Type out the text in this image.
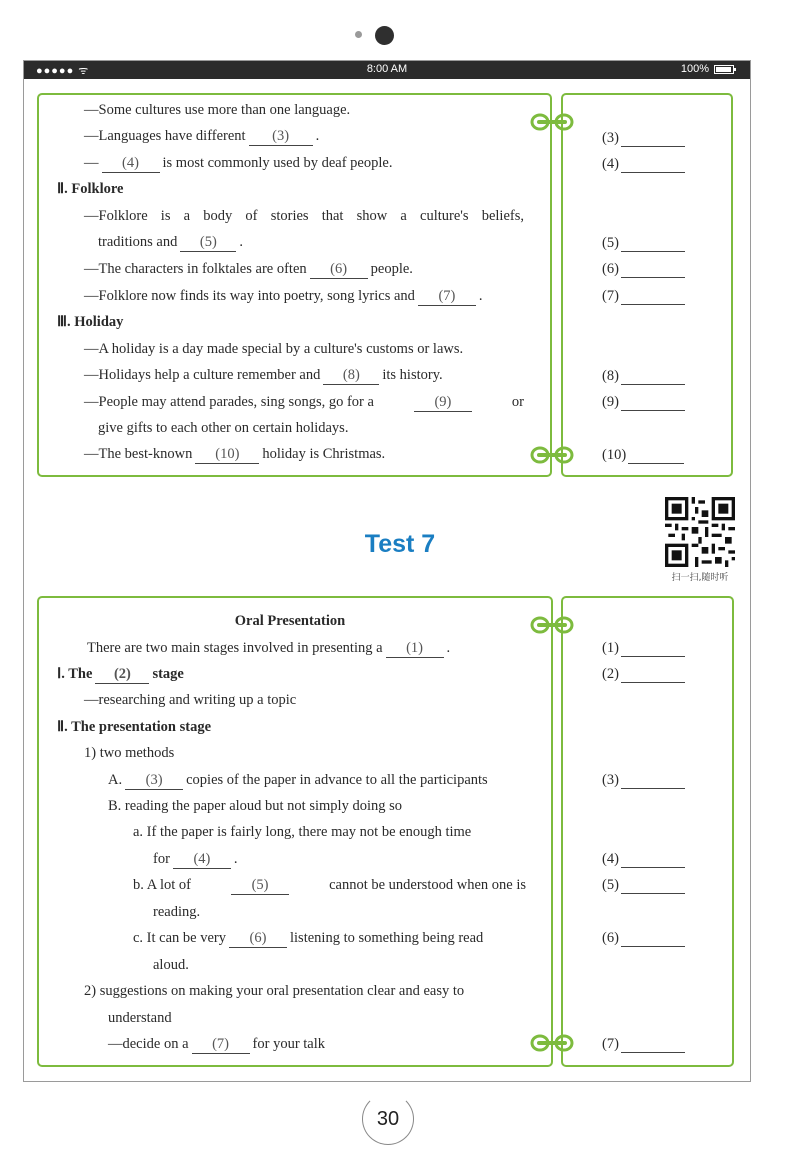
●●●●● ᯤ	8:00 AM	100%
—Some cultures use more than one language.
—Languages have different (3) .
— (4) is most commonly used by deaf people.
Ⅱ. Folklore
—Folklore is a body of stories that show a culture's beliefs,
traditions and (5) .
—The characters in folktales are often (6) people.
—Folklore now finds its way into poetry, song lyrics and (7) .
Ⅲ. Holiday
—A holiday is a day made special by a culture's customs or laws.
—Holidays help a culture remember and (8) its history.
—People may attend parades, sing songs, go for a	(9)	or
give gifts to each other on certain holidays.
—The best-known (10) holiday is Christmas.
(3)
(4)
(5)
(6)
(7)
(8)
(9)
(10)
Test 7
扫一扫,随时听
Oral Presentation
There are two main stages involved in presenting a (1) .
Ⅰ. The (2) stage
—researching and writing up a topic
Ⅱ. The presentation stage
1) two methods
A. (3) copies of the paper in advance to all the participants
B. reading the paper aloud but not simply doing so
a. If the paper is fairly long, there may not be enough time
for (4) .
b. A lot of	(5)	cannot be understood when one is
reading.
c. It can be very (6) listening to something being read
aloud.
2) suggestions on making your oral presentation clear and easy to
understand
—decide on a (7) for your talk
(1)
(2)
(3)
(4)
(5)
(6)
(7)
30
